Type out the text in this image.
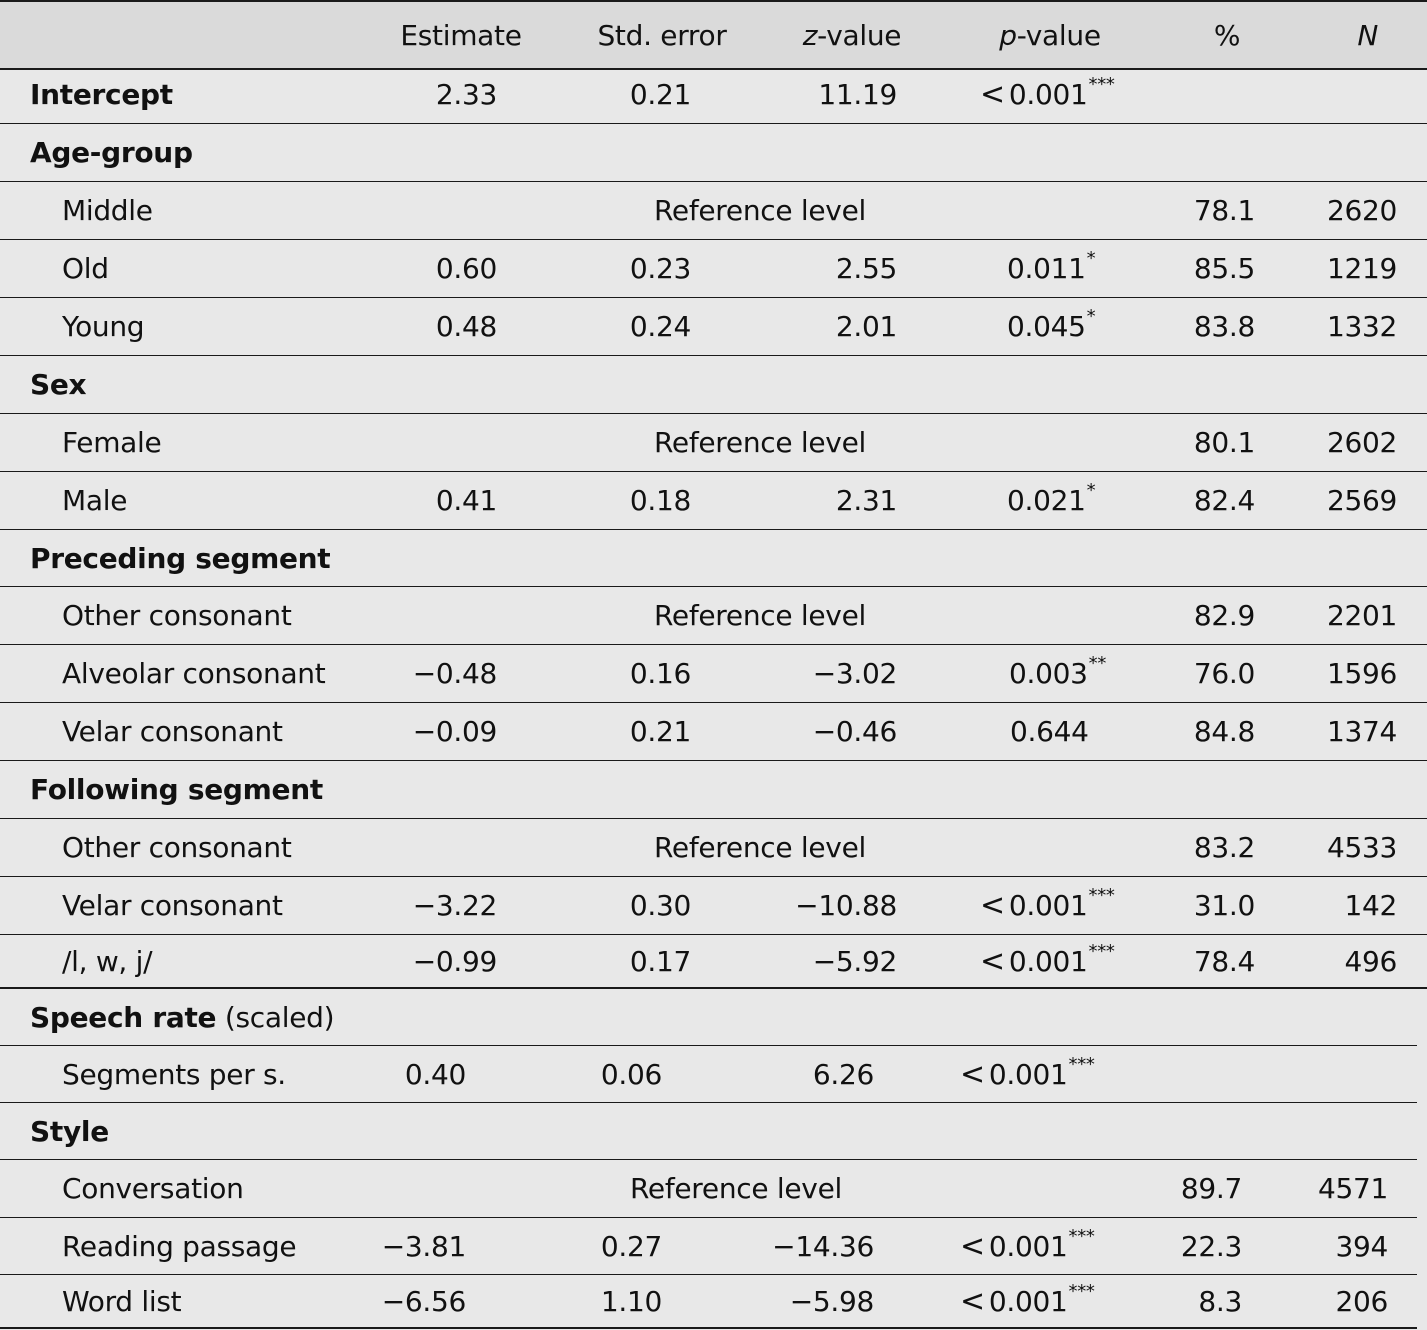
Estimate	Std. error	z -value	p -value	%	N
Intercept	2.33	0.21	11.19	< 0.001 ***
Age-group
Middle	Reference level	78.1	2620
Old	0.60	0.23	2.55	0.011 *	85.5	1219
Young	0.48	0.24	2.01	0.045 *	83.8	1332
Sex
Female	Reference level	80.1	2602
Male	0.41	0.18	2.31	0.021 *	82.4	2569
Preceding segment
Other consonant	Reference level	82.9	2201
Alveolar consonant	−0.48	0.16	−3.02	0.003 **	76.0	1596
Velar consonant	−0.09	0.21	−0.46	0.644	84.8	1374
Following segment
Other consonant	Reference level	83.2	4533
Velar consonant	−3.22	0.30	−10.88	< 0.001 ***	31.0	142
/l, w, j/	−0.99	0.17	−5.92	< 0.001 ***	78.4	496
Speech rate (scaled)
Segments per s.	0.40	0.06	6.26	< 0.001 ***
Style
Conversation	Reference level	89.7	4571
Reading passage	−3.81	0.27	−14.36	< 0.001 ***	22.3	394
Word list	−6.56	1.10	−5.98	< 0.001 ***	8.3	206
